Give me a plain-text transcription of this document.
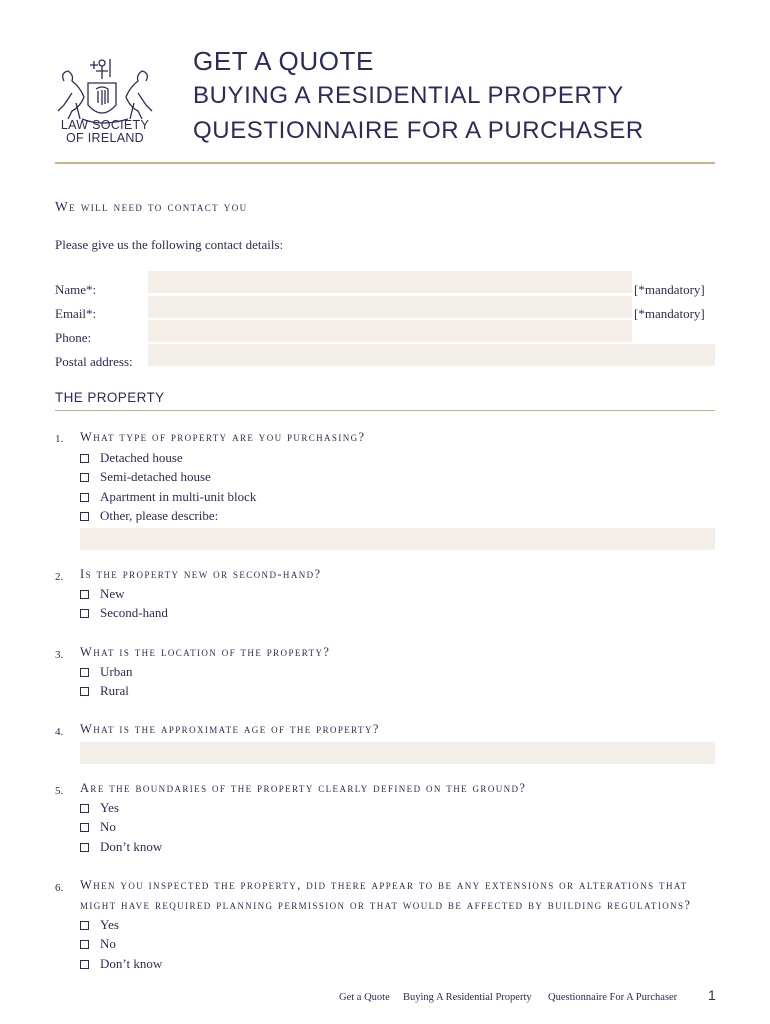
LAW SOCIETY
OF IRELAND
GET A QUOTE
BUYING A RESIDENTIAL PROPERTY
QUESTIONNAIRE FOR A PURCHASER
We will need to contact you
Please give us the following contact details:
Name*:	[*mandatory]
Email*:	[*mandatory]
Phone:
Postal address:
THE PROPERTY
1. What type of property are you purchasing?
Detached house
Semi-detached house
Apartment in multi-unit block
Other, please describe:
2. Is the property new or second-hand?
New
Second-hand
3. What is the location of the property?
Urban
Rural
4. What is the approximate age of the property?
5. Are the boundaries of the property clearly defined on the ground?
Yes
No
Don’t know
6. When you inspected the property, did there appear to be any extensions or alterations that
might have required planning permission or that would be affected by building regulations?
Yes
No
Don’t know
Get a Quote Buying A Residential Property Questionnaire For A Purchaser 1
